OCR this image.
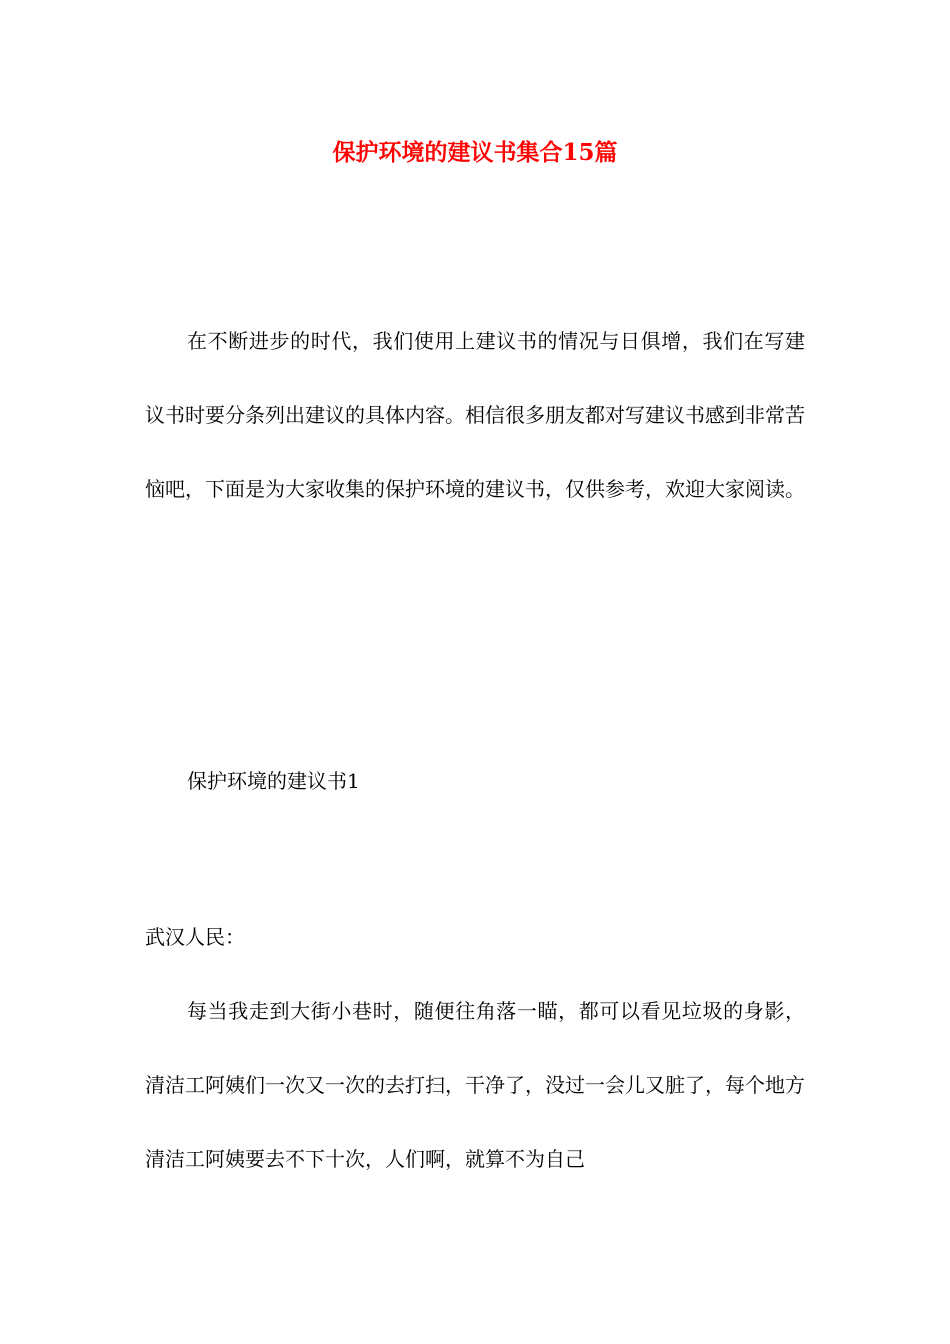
保护环境的建议书集合15篇

在不断进步的时代，我们使用上建议书的情况与日俱增，我们在写建议书时要分条列出建议的具体内容。相信很多朋友都对写建议书感到非常苦恼吧，下面是为大家收集的保护环境的建议书，仅供参考，欢迎大家阅读。

保护环境的建议书1

武汉人民：

每当我走到大街小巷时，随便往角落一瞄，都可以看见垃圾的身影，清洁工阿姨们一次又一次的去打扫，干净了，没过一会儿又脏了，每个地方清洁工阿姨要去不下十次，人们啊，就算不为自己
